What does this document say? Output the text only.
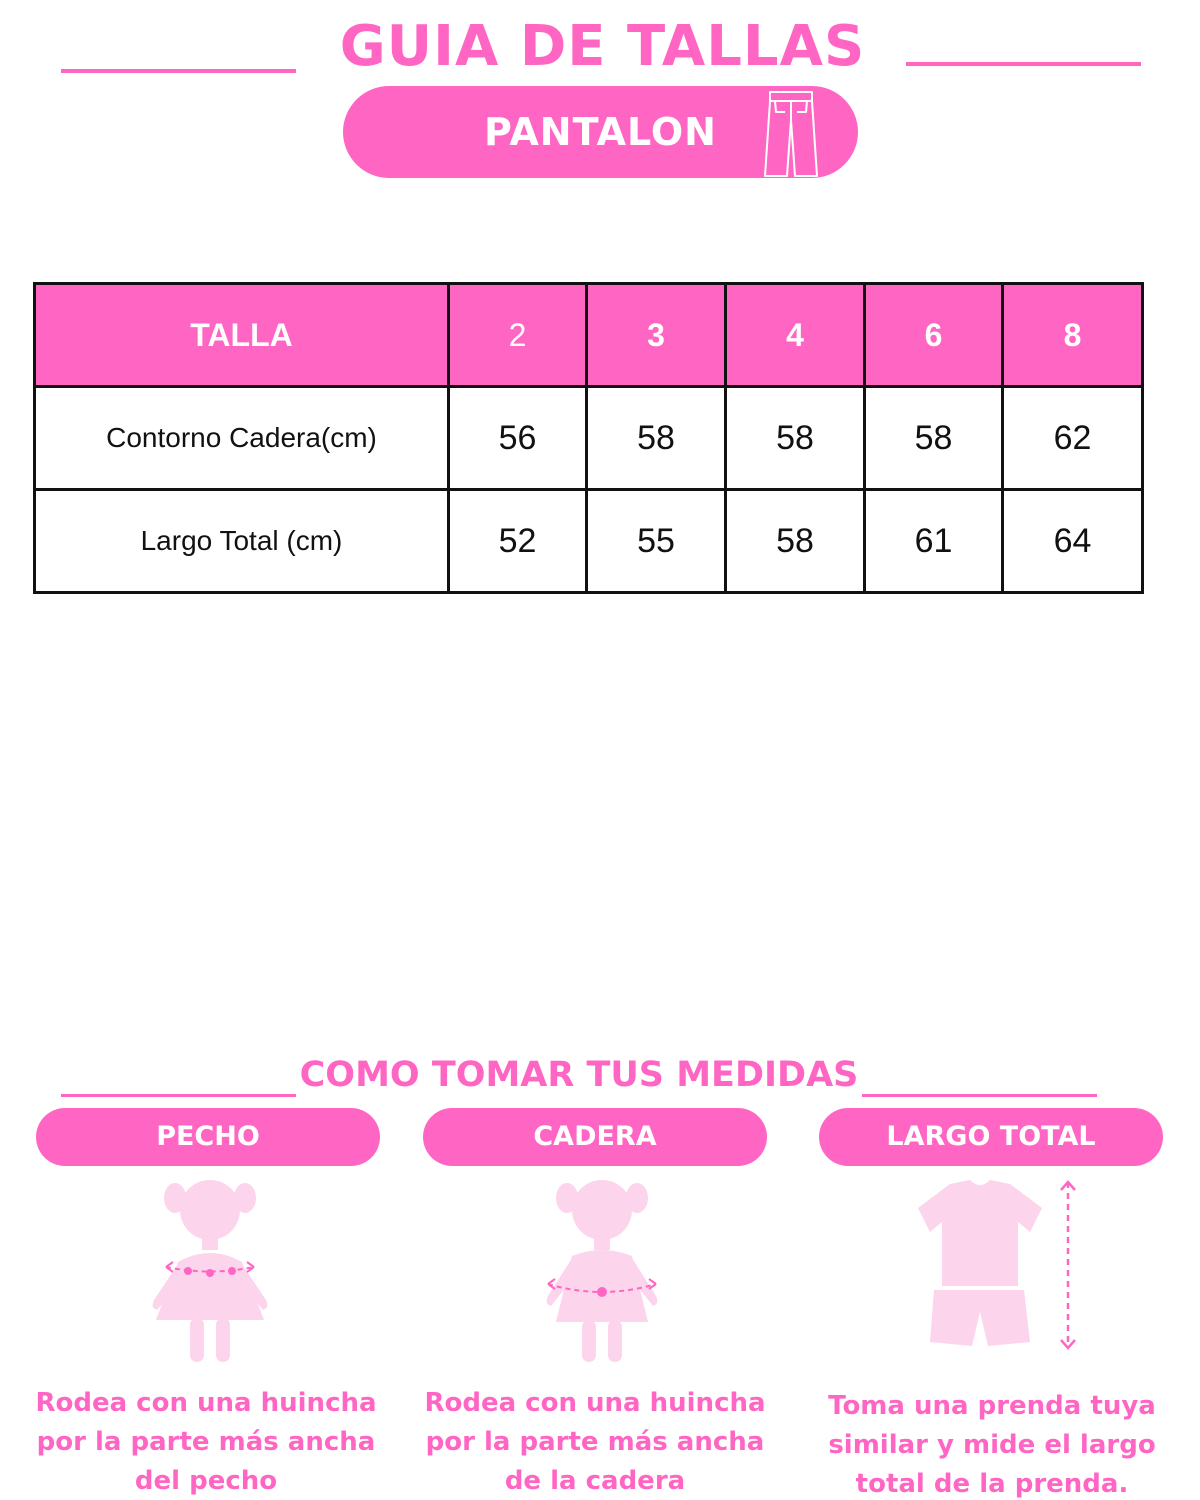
GUIA DE TALLAS
PANTALON
TALLA	2	3	4	6	8
Contorno Cadera(cm)	56	58	58	58	62
Largo Total (cm)	52	55	58	61	64
COMO TOMAR TUS MEDIDAS
PECHO	CADERA	LARGO TOTAL
Rodea con una huincha
por la parte más ancha
del pecho
Rodea con una huincha
por la parte más ancha
de la cadera
Toma una prenda tuya
similar y mide el largo
total de la prenda.
